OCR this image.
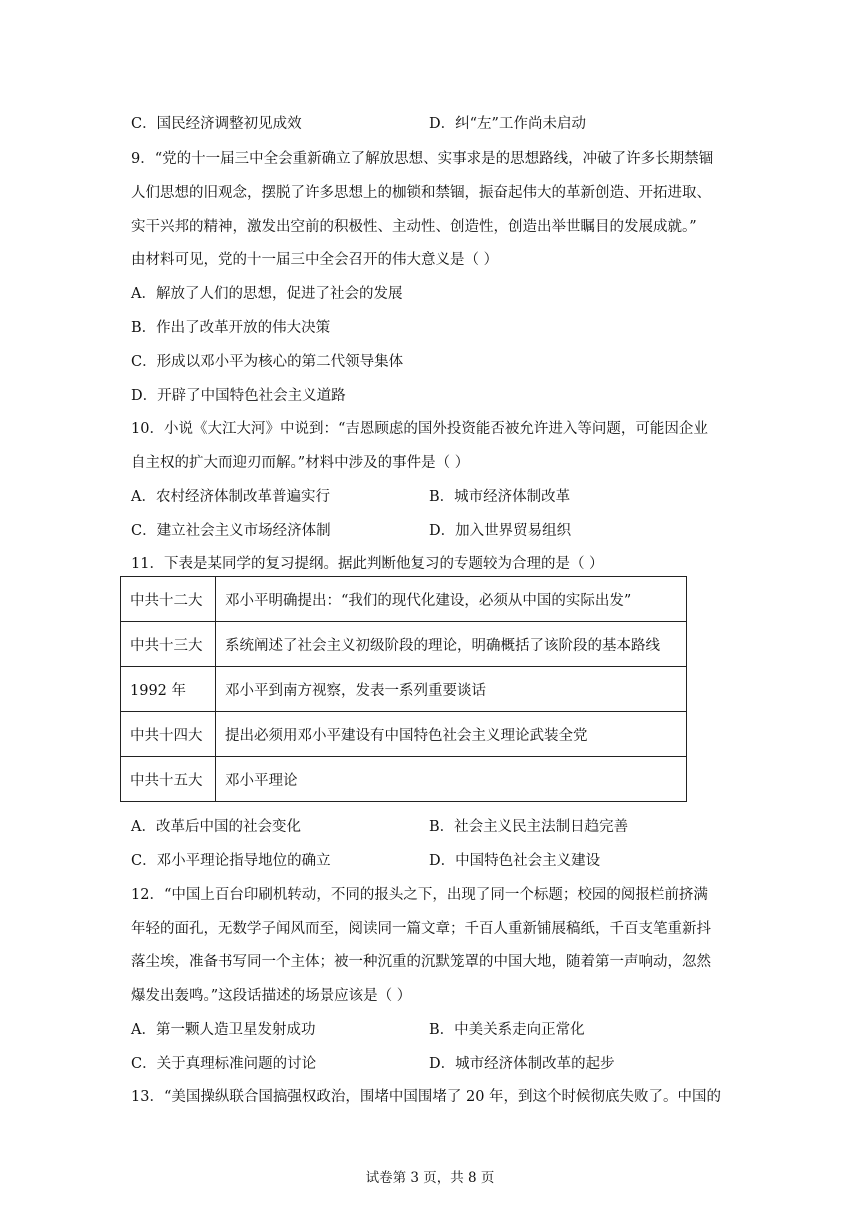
C．国民经济调整初见成效	D．纠“左”工作尚未启动
9．“党的十一届三中全会重新确立了解放思想、实事求是的思想路线，冲破了许多长期禁锢
人们思想的旧观念，摆脱了许多思想上的枷锁和禁锢，振奋起伟大的革新创造、开拓进取、
实干兴邦的精神，激发出空前的积极性、主动性、创造性，创造出举世瞩目的发展成就。”
由材料可见，党的十一届三中全会召开的伟大意义是（ ）
A．解放了人们的思想，促进了社会的发展
B．作出了改革开放的伟大决策
C．形成以邓小平为核心的第二代领导集体
D．开辟了中国特色社会主义道路
10．小说《大江大河》中说到：“吉恩顾虑的国外投资能否被允许进入等问题，可能因企业
自主权的扩大而迎刃而解。”材料中涉及的事件是（ ）
A．农村经济体制改革普遍实行	B．城市经济体制改革
C．建立社会主义市场经济体制	D．加入世界贸易组织
11．下表是某同学的复习提纲。据此判断他复习的专题较为合理的是（ ）
中共十二大	邓小平明确提出：“我们的现代化建设，必须从中国的实际出发”
中共十三大	系统阐述了社会主义初级阶段的理论，明确概括了该阶段的基本路线
1992 年	邓小平到南方视察，发表一系列重要谈话
中共十四大	提出必须用邓小平建设有中国特色社会主义理论武装全党
中共十五大	邓小平理论
A．改革后中国的社会变化	B．社会主义民主法制日趋完善
C．邓小平理论指导地位的确立	D．中国特色社会主义建设
12．“中国上百台印刷机转动，不同的报头之下，出现了同一个标题；校园的阅报栏前挤满
年轻的面孔，无数学子闻风而至，阅读同一篇文章；千百人重新铺展稿纸，千百支笔重新抖
落尘埃，准备书写同一个主体；被一种沉重的沉默笼罩的中国大地，随着第一声响动，忽然
爆发出轰鸣。”这段话描述的场景应该是（ ）
A．第一颗人造卫星发射成功	B．中美关系走向正常化
C．关于真理标准问题的讨论	D．城市经济体制改革的起步
13．“美国操纵联合国搞强权政治，围堵中国围堵了 20 年，到这个时候彻底失败了。中国的
试卷第 3 页，共 8 页
